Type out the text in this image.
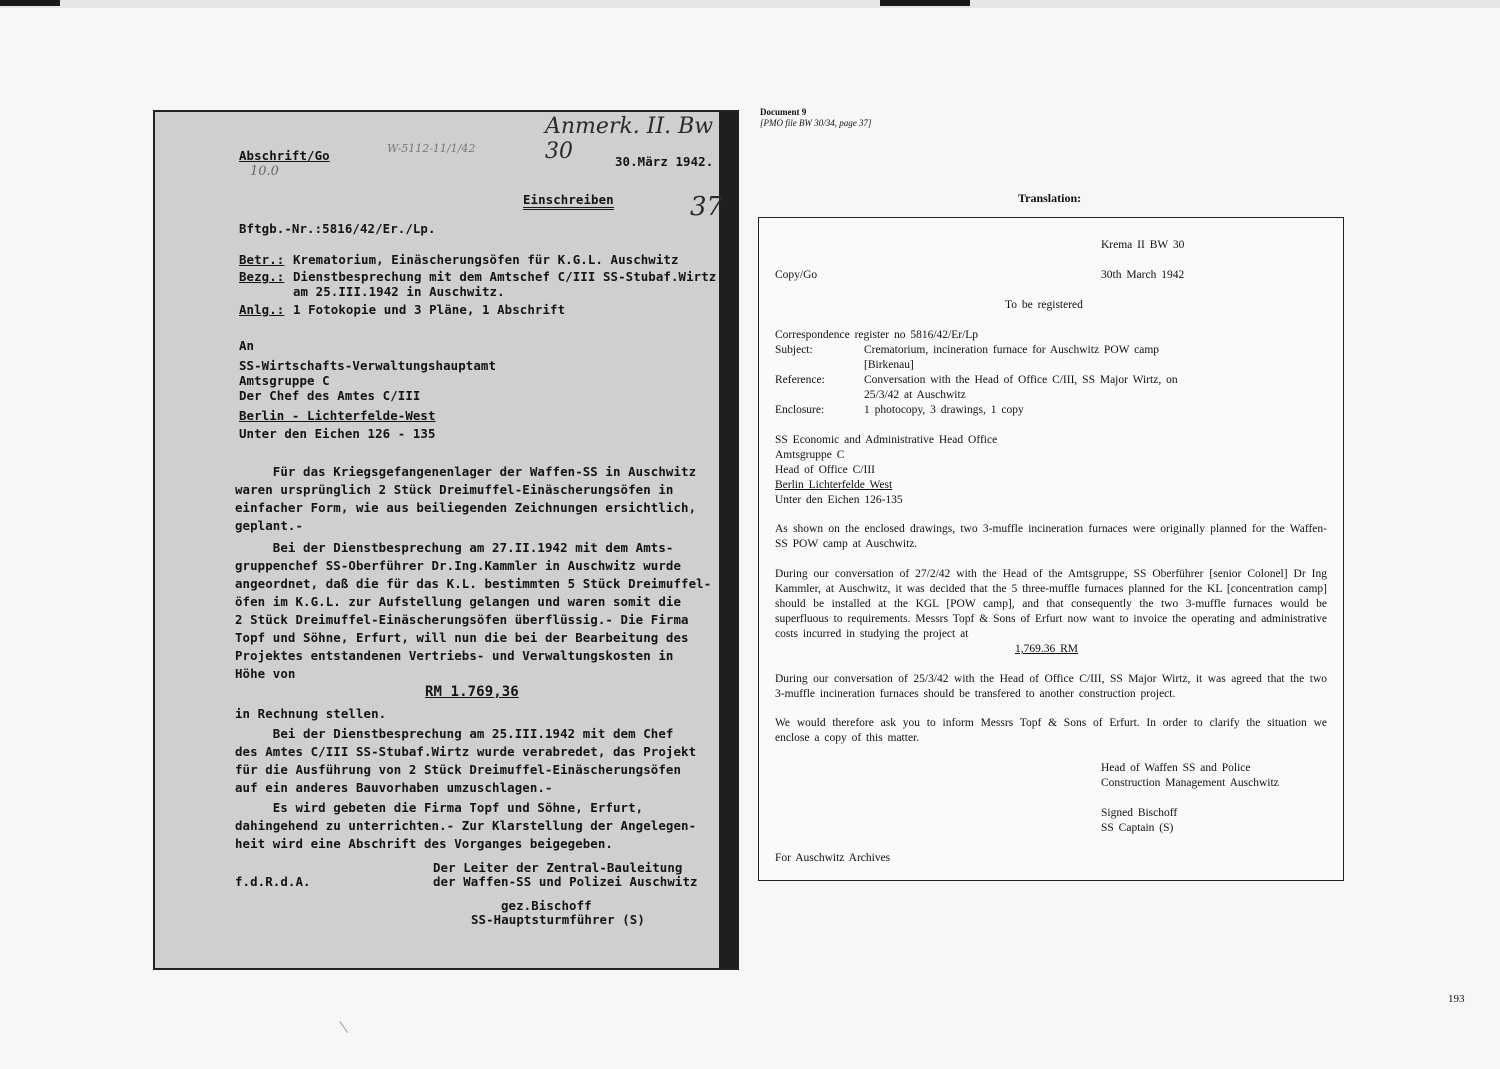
Anmerk. II. Bw 30
W-5112-11/1/42
10.0
37
Abschrift/Go	30.März 1942.
Einschreiben
Bftgb.-Nr.:5816/42/Er./Lp.
Betr.: Krematorium, Einäscherungsöfen für K.G.L. Auschwitz
Bezg.: Dienstbesprechung mit dem Amtschef C/III SS-Stubaf.Wirtz
am 25.III.1942 in Auschwitz.
Anlg.: 1 Fotokopie und 3 Pläne, 1 Abschrift
An
SS-Wirtschafts-Verwaltungshauptamt
Amtsgruppe C
Der Chef des Amtes C/III
Berlin - Lichterfelde-West
Unter den Eichen 126 - 135
Für das Kriegsgefangenenlager der Waffen-SS in Auschwitz
waren ursprünglich 2 Stück Dreimuffel-Einäscherungsöfen in
einfacher Form, wie aus beiliegenden Zeichnungen ersichtlich,
geplant.-
Bei der Dienstbesprechung am 27.II.1942 mit dem Amts-
gruppenchef SS-Oberführer Dr.Ing.Kammler in Auschwitz wurde
angeordnet, daß die für das K.L. bestimmten 5 Stück Dreimuffel-
öfen im K.G.L. zur Aufstellung gelangen und waren somit die
2 Stück Dreimuffel-Einäscherungsöfen überflüssig.- Die Firma
Topf und Söhne, Erfurt, will nun die bei der Bearbeitung des
Projektes entstandenen Vertriebs- und Verwaltungskosten in
Höhe von
RM 1.769,36
in Rechnung stellen.
Bei der Dienstbesprechung am 25.III.1942 mit dem Chef
des Amtes C/III SS-Stubaf.Wirtz wurde verabredet, das Projekt
für die Ausführung von 2 Stück Dreimuffel-Einäscherungsöfen
auf ein anderes Bauvorhaben umzuschlagen.-
Es wird gebeten die Firma Topf und Söhne, Erfurt,
dahingehend zu unterrichten.- Zur Klarstellung der Angelegen-
heit wird eine Abschrift des Vorganges beigegeben.
Der Leiter der Zentral-Bauleitung
f.d.R.d.A.	der Waffen-SS und Polizei Auschwitz
gez.Bischoff
SS-Hauptsturmführer (S)
Document 9
[PMO file BW 30/34, page 37]
Translation:
Krema II BW 30
Copy/Go	30th March 1942
To be registered
Correspondence register no 5816/42/Er/Lp
Subject:	Crematorium, incineration furnace for Auschwitz POW camp
[Birkenau]
Reference:	Conversation with the Head of Office C/III, SS Major Wirtz, on
25/3/42 at Auschwitz
Enclosure:	1 photocopy, 3 drawings, 1 copy
SS Economic and Administrative Head Office
Amtsgruppe C
Head of Office C/III
Berlin Lichterfelde West
Unter den Eichen 126-135
As shown on the enclosed drawings, two 3-muffle incineration furnaces were originally planned for the Waffen-SS POW camp at Auschwitz.
During our conversation of 27/2/42 with the Head of the Amtsgruppe, SS Oberführer [senior Colonel] Dr Ing Kammler, at Auschwitz, it was decided that the 5 three-muffle furnaces planned for the KL [concentration camp] should be installed at the KGL [POW camp], and that consequently the two 3-muffle furnaces would be superfluous to requirements. Messrs Topf & Sons of Erfurt now want to invoice the operating and administrative costs incurred in studying the project at
1,769.36 RM
During our conversation of 25/3/42 with the Head of Office C/III, SS Major Wirtz, it was agreed that the two 3-muffle incineration furnaces should be transfered to another construction project.
We would therefore ask you to inform Messrs Topf & Sons of Erfurt. In order to clarify the situation we enclose a copy of this matter.
Head of Waffen SS and Police
Construction Management Auschwitz
Signed Bischoff
SS Captain (S)
For Auschwitz Archives
193
